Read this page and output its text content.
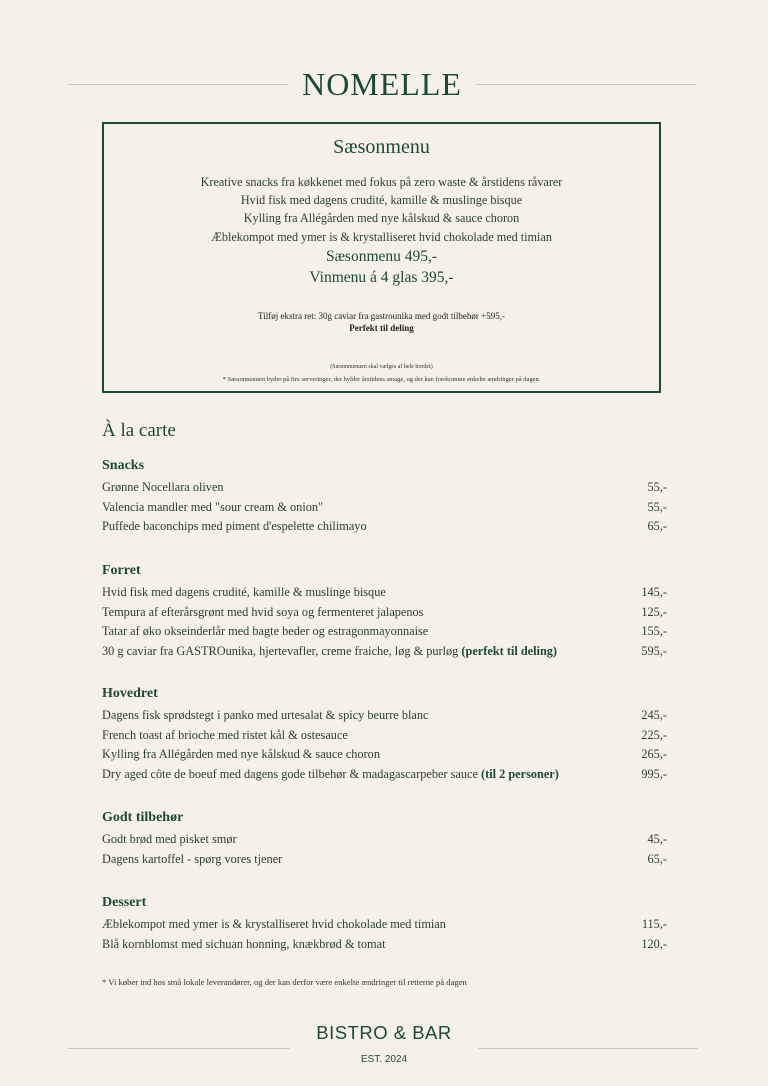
NOMELLE
Sæsonmenu
Kreative snacks fra køkkenet med fokus på zero waste & årstidens råvarer
Hvid fisk med dagens crudité, kamille & muslinge bisque
Kylling fra Allégården med nye kålskud & sauce choron
Æblekompot med ymer is & krystalliseret hvid chokolade med timian
Sæsonmenu 495,-
Vinmenu á 4 glas 395,-
Tilføj ekstra ret: 30g caviar fra gastrounika med godt tilbehør +595,-
Perfekt til deling
(Sæsonmenuen skal vælges af hele bordet)
* Sæsonmenuen byder på fire serveringer, der hylder årstidens smage, og der kan forekomme enkelte ændringer på dagen.
À la carte
Snacks
Grønne Nocellara oliven	55,-
Valencia mandler med "sour cream & onion"	55,-
Puffede baconchips med piment d'espelette chilimayo	65,-
Forret
Hvid fisk med dagens crudité, kamille & muslinge bisque	145,-
Tempura af efterårsgrønt med hvid soya og fermenteret jalapenos	125,-
Tatar af øko okseinderlår med bagte beder og estragonmayonnaise	155,-
30 g caviar fra GASTROunika, hjertevafler, creme fraiche, løg & purløg (perfekt til deling)	595,-
Hovedret
Dagens fisk sprødstegt i panko med urtesalat & spicy beurre blanc	245,-
French toast af brioche med ristet kål & ostesauce	225,-
Kylling fra Allégården med nye kålskud & sauce choron	265,-
Dry aged côte de boeuf med dagens gode tilbehør & madagascarpeber sauce (til 2 personer)	995,-
Godt tilbehør
Godt brød med pisket smør	45,-
Dagens kartoffel - spørg vores tjener	65,-
Dessert
Æblekompot med ymer is & krystalliseret hvid chokolade med timian	115,-
Blå kornblomst med sichuan honning, knækbrød & tomat	120,-
* Vi køber ind hos små lokale leverandører, og der kan derfor være enkelte ændringer til retterne på dagen
BISTRO & BAR
EST. 2024
